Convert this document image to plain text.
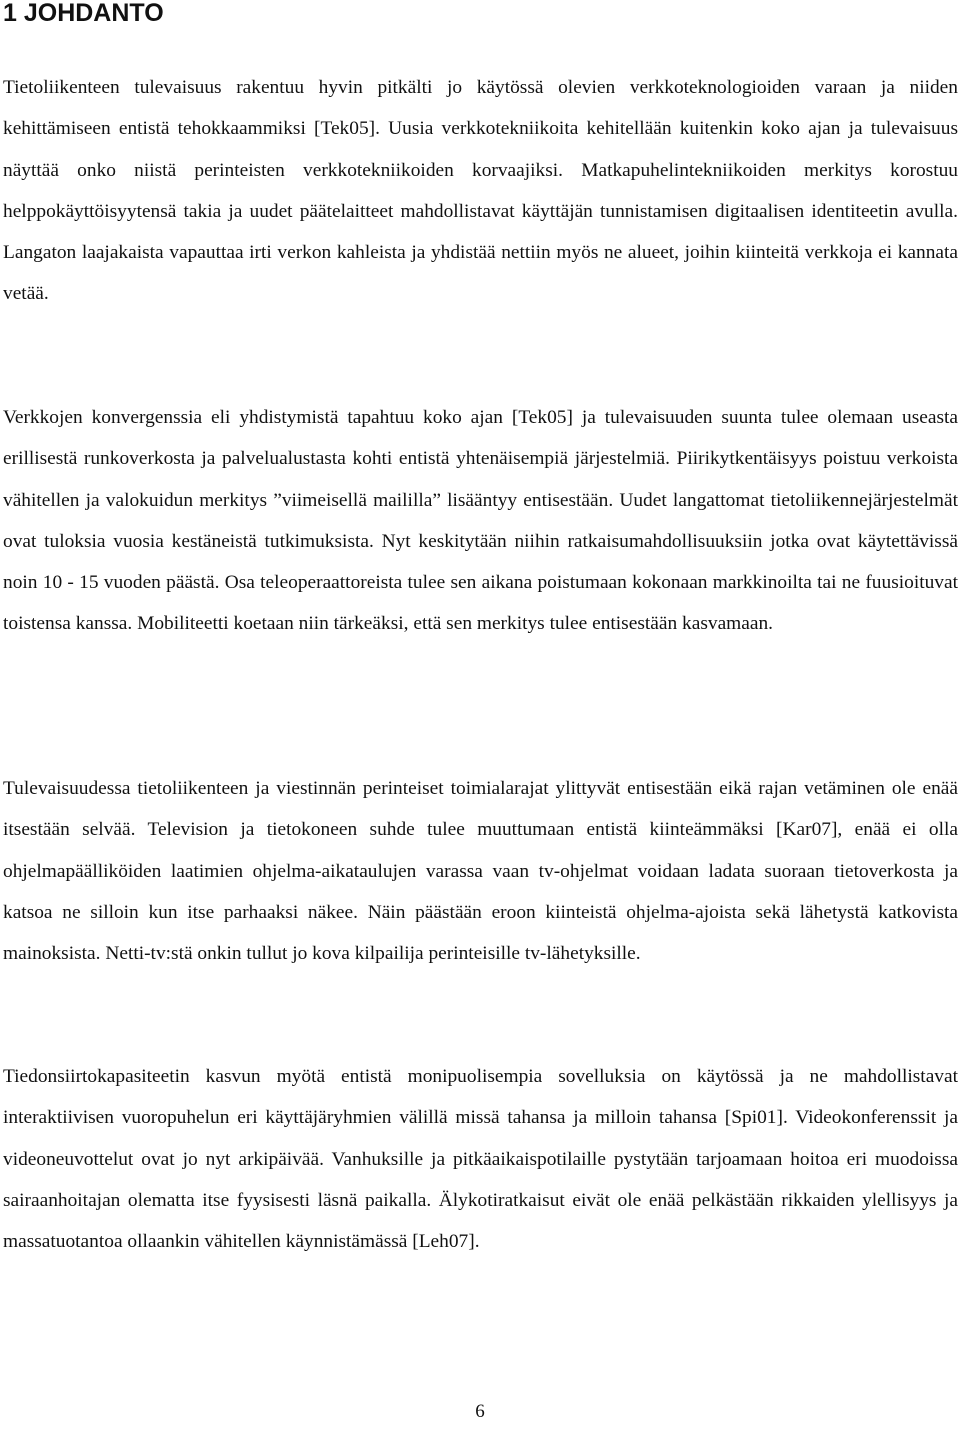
1 JOHDANTO

Tietoliikenteen tulevaisuus rakentuu hyvin pitkälti jo käytössä olevien verkkoteknologioiden varaan ja niiden kehittämiseen entistä tehokkaammiksi [Tek05]. Uusia verkkotekniikoita kehitellään kuitenkin koko ajan ja tulevaisuus näyttää onko niistä perinteisten verkkotekniikoiden korvaajiksi. Matkapuhelintekniikoiden merkitys korostuu helppokäyttöisyytensä takia ja uudet päätelaitteet mahdollistavat käyttäjän tunnistamisen digitaalisen identiteetin avulla. Langaton laajakaista vapauttaa irti verkon kahleista ja yhdistää nettiin myös ne alueet, joihin kiinteitä verkkoja ei kannata vetää.

Verkkojen konvergenssia eli yhdistymistä tapahtuu koko ajan [Tek05] ja tulevaisuuden suunta tulee olemaan useasta erillisestä runkoverkosta ja palvelualustasta kohti entistä yhtenäisempiä järjestelmiä. Piirikytkentäisyys poistuu verkoista vähitellen ja valokuidun merkitys ”viimeisellä maililla” lisääntyy entisestään. Uudet langattomat tietoliikennejärjestelmät ovat tuloksia vuosia kestäneistä tutkimuksista. Nyt keskitytään niihin ratkaisumahdollisuuksiin jotka ovat käytettävissä noin 10 - 15 vuoden päästä. Osa teleoperaattoreista tulee sen aikana poistumaan kokonaan markkinoilta tai ne fuusioituvat toistensa kanssa. Mobiliteetti koetaan niin tärkeäksi, että sen merkitys tulee entisestään kasvamaan.

Tulevaisuudessa tietoliikenteen ja viestinnän perinteiset toimialarajat ylittyvät entisestään eikä rajan vetäminen ole enää itsestään selvää. Television ja tietokoneen suhde tulee muuttumaan entistä kiinteämmäksi [Kar07], enää ei olla ohjelmapäälliköiden laatimien ohjelma-aikataulujen varassa vaan tv-ohjelmat voidaan ladata suoraan tietoverkosta ja katsoa ne silloin kun itse parhaaksi näkee. Näin päästään eroon kiinteistä ohjelma-ajoista sekä lähetystä katkovista mainoksista. Netti-tv:stä onkin tullut jo kova kilpailija perinteisille tv-lähetyksille.

Tiedonsiirtokapasiteetin kasvun myötä entistä monipuolisempia sovelluksia on käytössä ja ne mahdollistavat interaktiivisen vuoropuhelun eri käyttäjäryhmien välillä missä tahansa ja milloin tahansa [Spi01]. Videokonferenssit ja videoneuvottelut ovat jo nyt arkipäivää. Vanhuksille ja pitkäaikaispotilaille pystytään tarjoamaan hoitoa eri muodoissa sairaanhoitajan olematta itse fyysisesti läsnä paikalla. Älykotiratkaisut eivät ole enää pelkästään rikkaiden ylellisyys ja massatuotantoa ollaankin vähitellen käynnistämässä [Leh07].

6
